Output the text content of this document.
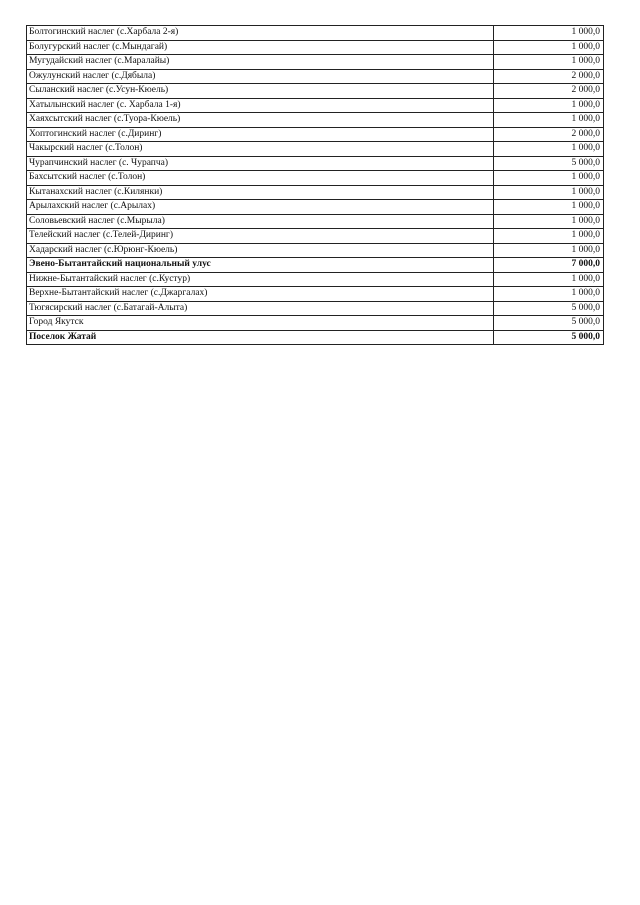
Болтогинский наслег (с.Харбала 2-я)	1 000,0
Болугурский наслег (с.Мындагай)	1 000,0
Мугудайский наслег (с.Маралайы)	1 000,0
Ожулунский наслег (с.Дябыла)	2 000,0
Сыланский наслег (с.Усун-Кюель)	2 000,0
Хатылынский наслег (с. Харбала 1-я)	1 000,0
Хаяхсытский наслег (с.Туора-Кюель)	1 000,0
Хоптогинский наслег (с.Диринг)	2 000,0
Чакырский наслег (с.Толон)	1 000,0
Чурапчинский наслег (с. Чурапча)	5 000,0
Бахсытский наслег (с.Толон)	1 000,0
Кытанахский наслег (с.Килянки)	1 000,0
Арылахский наслег (с.Арылах)	1 000,0
Соловьевский наслег (с.Мырыла)	1 000,0
Телейский наслег (с.Телей-Диринг)	1 000,0
Хадарский наслег (с.Юрюнг-Кюель)	1 000,0
Эвено-Бытантайский национальный улус	7 000,0
Нижне-Бытантайский наслег (с.Кустур)	1 000,0
Верхне-Бытантайский наслег (с.Джаргалах)	1 000,0
Тюгясирский наслег (с.Батагай-Алыта)	5 000,0
Город Якутск	5 000,0
Поселок Жатай	5 000,0
